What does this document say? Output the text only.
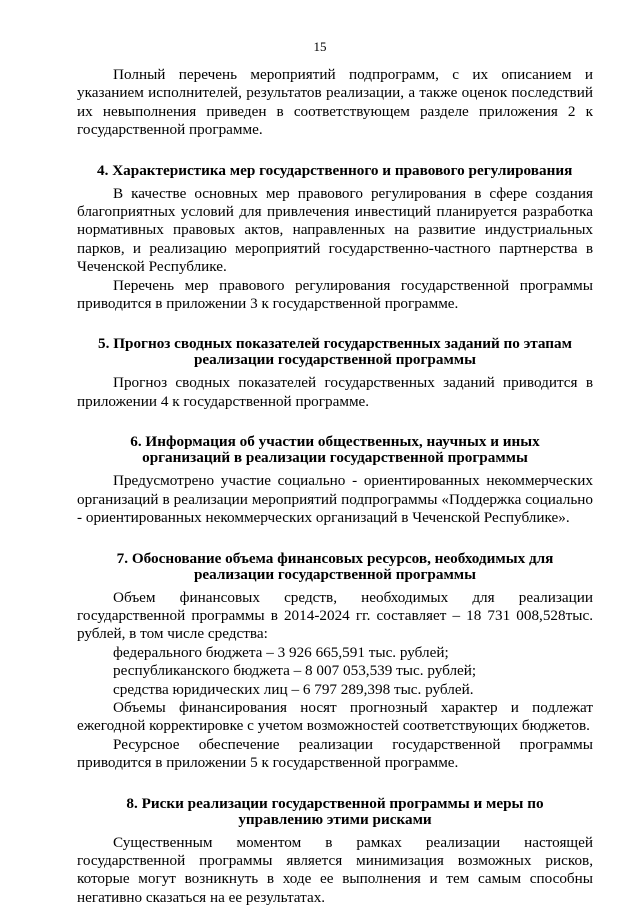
15

Полный перечень мероприятий подпрограмм, с их описанием и указанием исполнителей, результатов реализации, а также оценок последствий их невыполнения приведен в соответствующем разделе приложения 2 к государственной программе.

4. Характеристика мер государственного и правового регулирования

В качестве основных мер правового регулирования в сфере создания благоприятных условий для привлечения инвестиций планируется разработка нормативных правовых актов, направленных на развитие индустриальных парков, и реализацию мероприятий государственно-частного партнерства в Чеченской Республике.

Перечень мер правового регулирования государственной программы приводится в приложении 3 к государственной программе.

5. Прогноз сводных показателей государственных заданий по этапам реализации государственной программы

Прогноз сводных показателей государственных заданий приводится в приложении 4 к государственной программе.

6. Информация об участии общественных, научных и иных организаций в реализации государственной программы

Предусмотрено участие социально - ориентированных некоммерческих организаций в реализации мероприятий подпрограммы «Поддержка социально - ориентированных некоммерческих организаций в Чеченской Республике».

7. Обоснование объема финансовых ресурсов, необходимых для реализации государственной программы

Объем финансовых средств, необходимых для реализации государственной программы в 2014-2024 гг. составляет – 18 731 008,528тыс. рублей, в том числе средства:

федерального бюджета – 3 926 665,591 тыс. рублей;

республиканского бюджета – 8 007 053,539 тыс. рублей;

средства юридических лиц – 6 797 289,398 тыс. рублей.

Объемы финансирования носят прогнозный характер и подлежат ежегодной корректировке с учетом возможностей соответствующих бюджетов.

Ресурсное обеспечение реализации государственной программы приводится в приложении 5 к государственной программе.

8. Риски реализации государственной программы и меры по управлению этими рисками

Существенным моментом в рамках реализации настоящей государственной программы является минимизация возможных рисков, которые могут возникнуть в ходе ее выполнения и тем самым способны негативно сказаться на ее результатах.
